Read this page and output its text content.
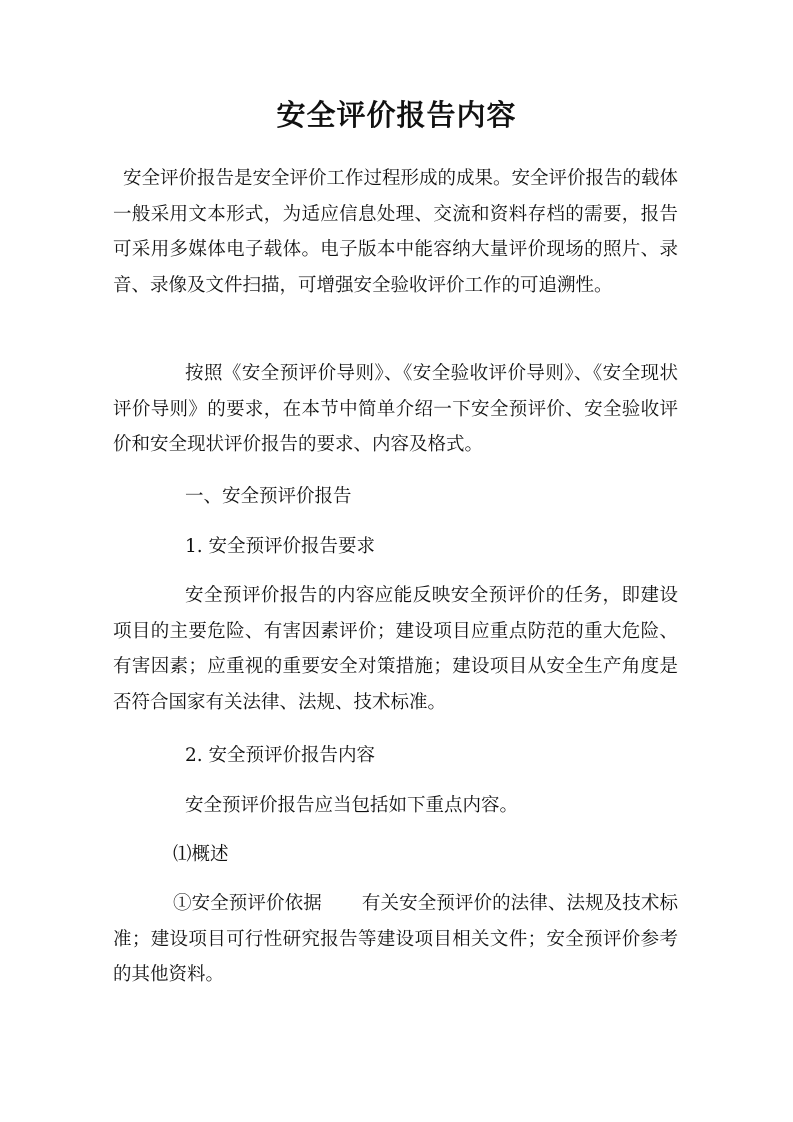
安全评价报告内容

安全评价报告是安全评价工作过程形成的成果。安全评价报告的载体一般采用文本形式，为适应信息处理、交流和资料存档的需要，报告可采用多媒体电子载体。电子版本中能容纳大量评价现场的照片、录音、录像及文件扫描，可增强安全验收评价工作的可追溯性。

按照《安全预评价导则》、《安全验收评价导则》、《安全现状评价导则》的要求，在本节中简单介绍一下安全预评价、安全验收评价和安全现状评价报告的要求、内容及格式。

一、安全预评价报告

1. 安全预评价报告要求

安全预评价报告的内容应能反映安全预评价的任务，即建设项目的主要危险、有害因素评价；建设项目应重点防范的重大危险、有害因素；应重视的重要安全对策措施；建设项目从安全生产角度是否符合国家有关法律、法规、技术标准。

2. 安全预评价报告内容

安全预评价报告应当包括如下重点内容。

⑴概述

①安全预评价依据 有关安全预评价的法律、法规及技术标准；建设项目可行性研究报告等建设项目相关文件；安全预评价参考的其他资料。
